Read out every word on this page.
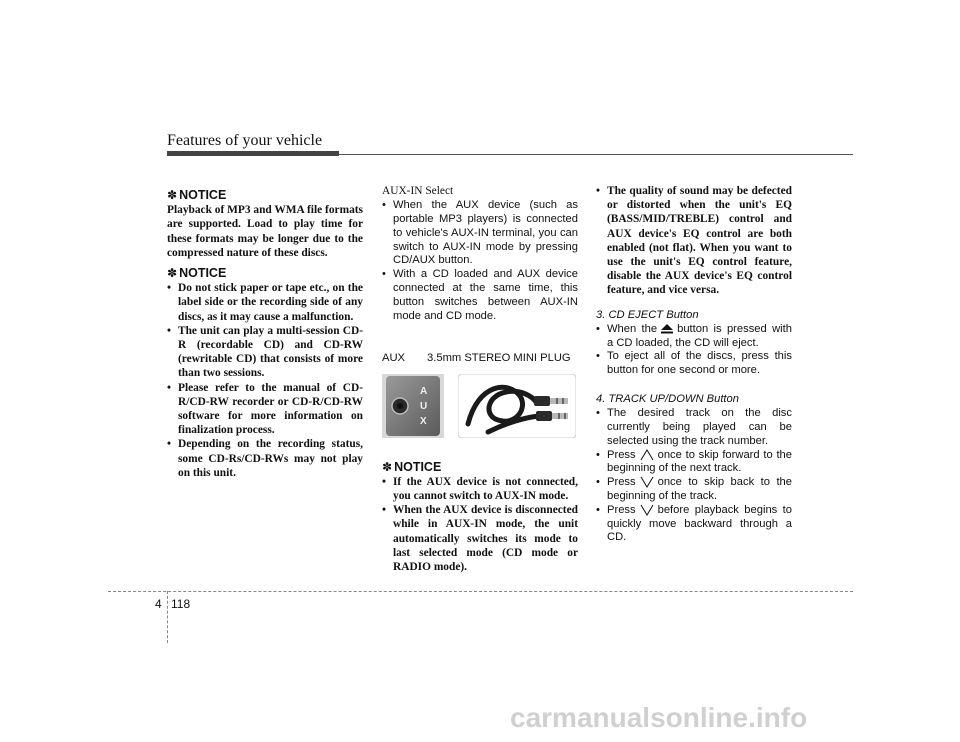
Features of your vehicle
✽ NOTICE

Playback of MP3 and WMA file formats are supported. Load to play time for these formats may be longer due to the compressed nature of these discs.

✽ NOTICE
• Do not stick paper or tape etc., on the label side or the recording side of any discs, as it may cause a malfunction.
• The unit can play a multi-session CD-R (recordable CD) and CD-RW (rewritable CD) that consists of more than two sessions.
• Please refer to the manual of CD-R/CD-RW recorder or CD-R/CD-RW software for more information on finalization process.
• Depending on the recording status, some CD-Rs/CD-RWs may not play on this unit.
AUX-IN Select
• When the AUX device (such as portable MP3 players) is connected to vehicle's AUX-IN terminal, you can switch to AUX-IN mode by pressing CD/AUX button.
• With a CD loaded and AUX device connected at the same time, this button switches between AUX-IN mode and CD mode.
AUX 3.5mm STEREO MINI PLUG
A
U
X
✽ NOTICE
• If the AUX device is not connected, you cannot switch to AUX-IN mode.
• When the AUX device is disconnected while in AUX-IN mode, the unit automatically switches its mode to last selected mode (CD mode or RADIO mode).
• The quality of sound may be defected or distorted when the unit's EQ (BASS/MID/TREBLE) control and AUX device's EQ control are both enabled (not flat). When you want to use the unit's EQ control feature, disable the AUX device's EQ control feature, and vice versa.
3. CD EJECT Button
• When the button is pressed with a CD loaded, the CD will eject.
• To eject all of the discs, press this button for one second or more.
4. TRACK UP/DOWN Button
• The desired track on the disc currently being played can be selected using the track number.
• Press once to skip forward to the beginning of the next track.
• Press once to skip back to the beginning of the track.
• Press before playback begins to quickly move backward through a CD.
4 118
carmanualsonline.info
